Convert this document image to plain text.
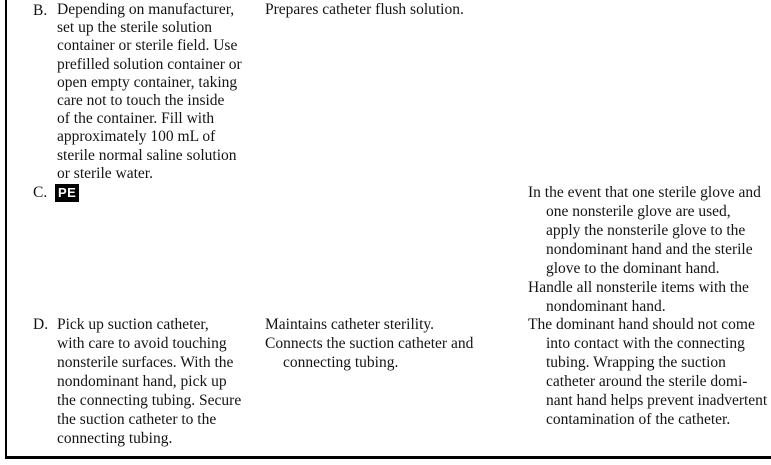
B. Depending on manufacturer,
set up the sterile solution
container or sterile field. Use
prefilled solution container or
open empty container, taking
care not to touch the inside
of the container. Fill with
approximately 100 mL of
sterile normal saline solution
or sterile water.
Prepares catheter flush solution.
C. PE	In the event that one sterile glove and
one nonsterile glove are used,
apply the nonsterile glove to the
nondominant hand and the sterile
glove to the dominant hand.
Handle all nonsterile items with the
nondominant hand.
D. Pick up suction catheter,
with care to avoid touching
nonsterile surfaces. With the
nondominant hand, pick up
the connecting tubing. Secure
the suction catheter to the
connecting tubing.
Maintains catheter sterility.
Connects the suction catheter and
connecting tubing.
The dominant hand should not come
into contact with the connecting
tubing. Wrapping the suction
catheter around the sterile domi-
nant hand helps prevent inadvertent
contamination of the catheter.
